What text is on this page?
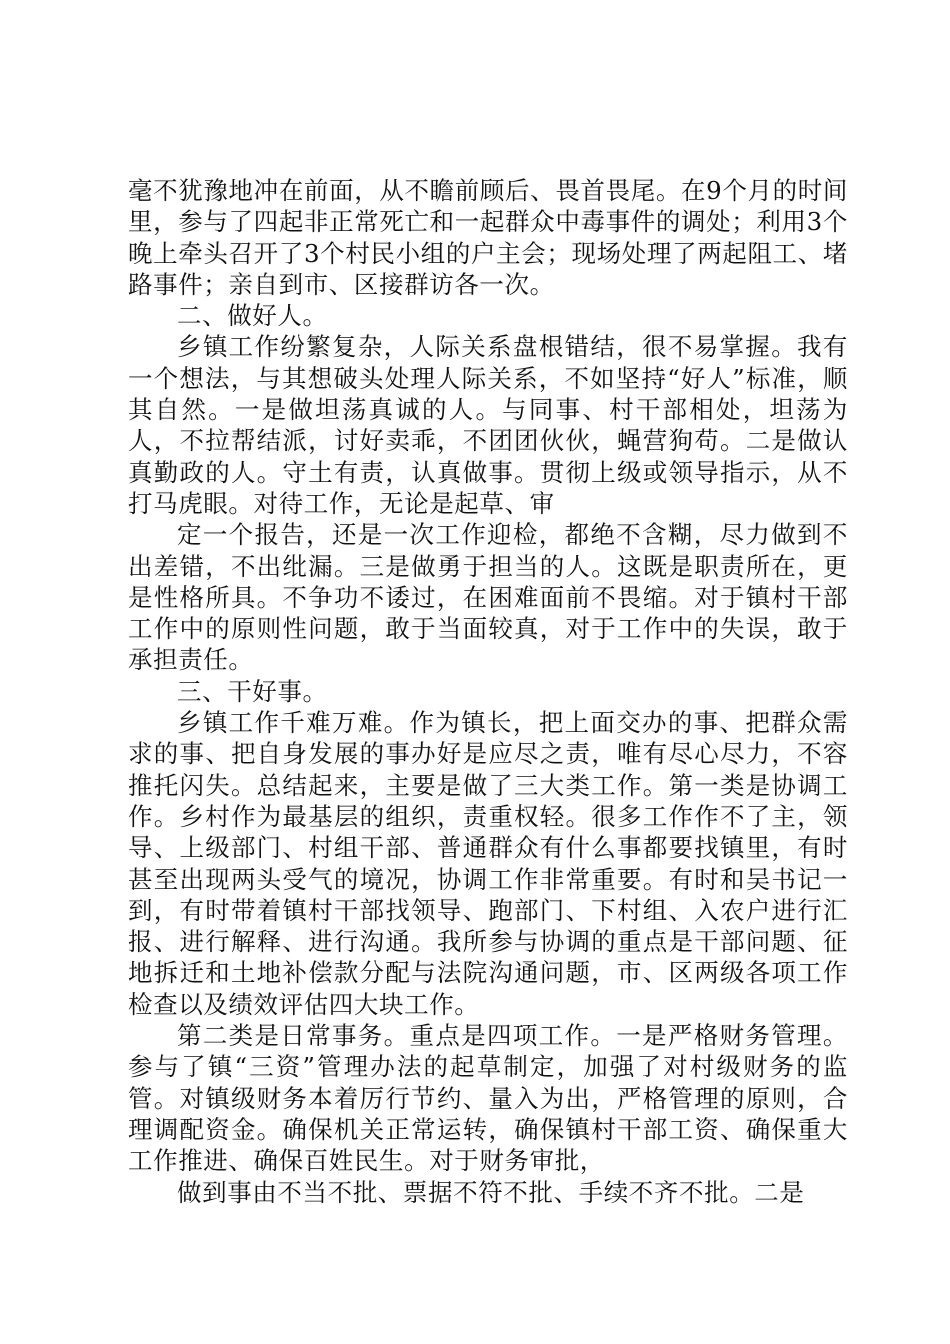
毫不犹豫地冲在前面，从不瞻前顾后、畏首畏尾。在9个月的时间里，参与了四起非正常死亡和一起群众中毒事件的调处；利用3个晚上牵头召开了3个村民小组的户主会；现场处理了两起阻工、堵路事件；亲自到市、区接群访各一次。

二、做好人。

乡镇工作纷繁复杂，人际关系盘根错结，很不易掌握。我有一个想法，与其想破头处理人际关系，不如坚持“好人”标准，顺其自然。一是做坦荡真诚的人。与同事、村干部相处，坦荡为人，不拉帮结派，讨好卖乖，不团团伙伙，蝇营狗苟。二是做认真勤政的人。守土有责，认真做事。贯彻上级或领导指示，从不打马虎眼。对待工作，无论是起草、审

定一个报告，还是一次工作迎检，都绝不含糊，尽力做到不出差错，不出纰漏。三是做勇于担当的人。这既是职责所在，更是性格所具。不争功不诿过，在困难面前不畏缩。对于镇村干部工作中的原则性问题，敢于当面较真，对于工作中的失误，敢于承担责任。

三、干好事。

乡镇工作千难万难。作为镇长，把上面交办的事、把群众需求的事、把自身发展的事办好是应尽之责，唯有尽心尽力，不容推托闪失。总结起来，主要是做了三大类工作。第一类是协调工作。乡村作为最基层的组织，责重权轻。很多工作作不了主，领导、上级部门、村组干部、普通群众有什么事都要找镇里，有时甚至出现两头受气的境况，协调工作非常重要。有时和吴书记一到，有时带着镇村干部找领导、跑部门、下村组、入农户进行汇报、进行解释、进行沟通。我所参与协调的重点是干部问题、征地拆迁和土地补偿款分配与法院沟通问题，市、区两级各项工作检查以及绩效评估四大块工作。

第二类是日常事务。重点是四项工作。一是严格财务管理。参与了镇“三资”管理办法的起草制定，加强了对村级财务的监管。对镇级财务本着厉行节约、量入为出，严格管理的原则，合理调配资金。确保机关正常运转，确保镇村干部工资、确保重大工作推进、确保百姓民生。对于财务审批，

做到事由不当不批、票据不符不批、手续不齐不批。二是
